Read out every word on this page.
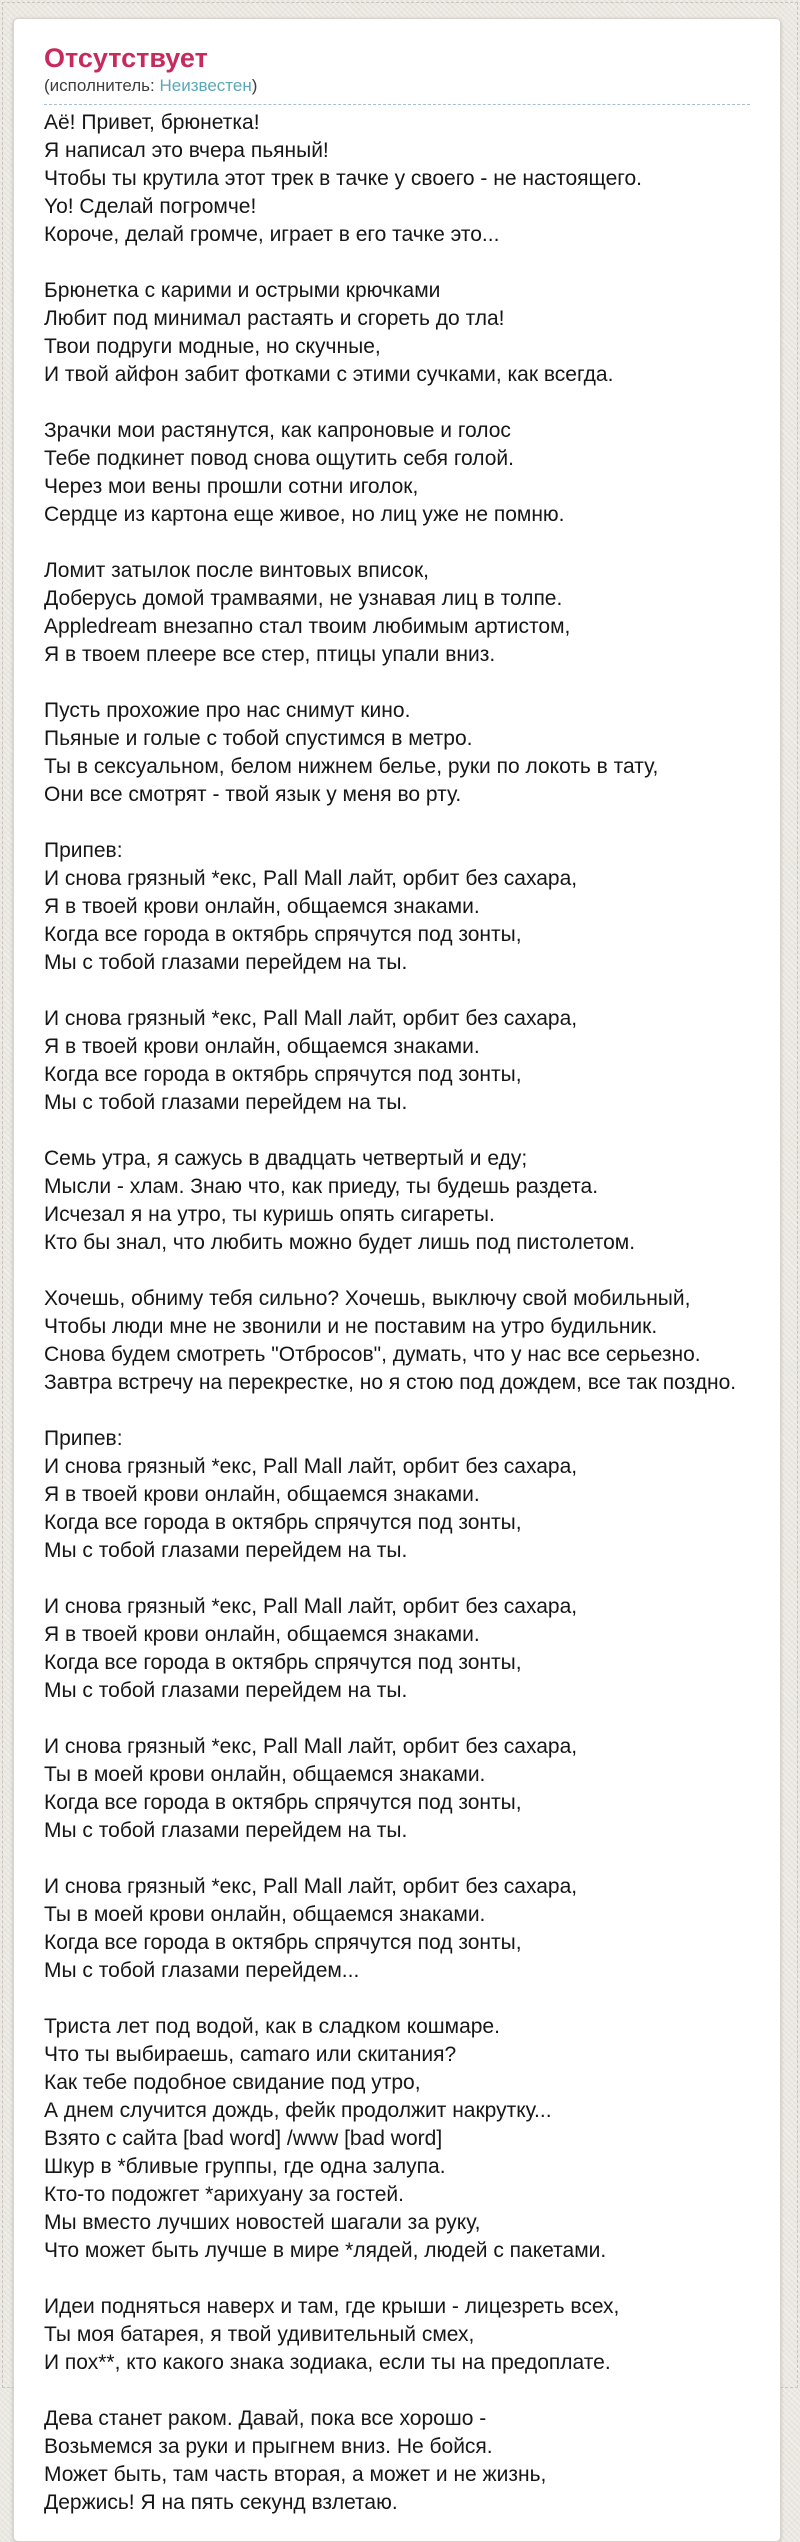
Отсутствует
(исполнитель: Неизвестен)

Аё! Привет, брюнетка!
Я написал это вчера пьяный!
Чтобы ты крутила этот трек в тачке у своего - не настоящего.
Yo! Сделай погромче!
Короче, делай громче, играет в его тачке это...

Брюнетка с карими и острыми крючками
Любит под минимал растаять и сгореть до тла!
Твои подруги модные, но скучные,
И твой айфон забит фотками с этими сучками, как всегда.

Зрачки мои растянутся, как капроновые и голос
Тебе подкинет повод снова ощутить себя голой.
Через мои вены прошли сотни иголок,
Сердце из картона еще живое, но лиц уже не помню.

Ломит затылок после винтовых вписок,
Доберусь домой трамваями, не узнавая лиц в толпе.
Appledream внезапно стал твоим любимым артистом,
Я в твоем плеере все стер, птицы упали вниз.

Пусть прохожие про нас снимут кино.
Пьяные и голые с тобой спустимся в метро.
Ты в сексуальном, белом нижнем белье, руки по локоть в тату,
Они все смотрят - твой язык у меня во рту.

Припев:
И снова грязный *екс, Pall Mall лайт, орбит без сахара,
Я в твоей крови онлайн, общаемся знаками.
Когда все города в октябрь спрячутся под зонты,
Мы с тобой глазами перейдем на ты.

И снова грязный *екс, Pall Mall лайт, орбит без сахара,
Я в твоей крови онлайн, общаемся знаками.
Когда все города в октябрь спрячутся под зонты,
Мы с тобой глазами перейдем на ты.

Семь утра, я сажусь в двадцать четвертый и еду;
Мысли - хлам. Знаю что, как приеду, ты будешь раздета.
Исчезал я на утро, ты куришь опять сигареты.
Кто бы знал, что любить можно будет лишь под пистолетом.

Хочешь, обниму тебя сильно? Хочешь, выключу свой мобильный,
Чтобы люди мне не звонили и не поставим на утро будильник.
Снова будем смотреть "Отбросов", думать, что у нас все серьезно.
Завтра встречу на перекрестке, но я стою под дождем, все так поздно.

Припев:
И снова грязный *екс, Pall Mall лайт, орбит без сахара,
Я в твоей крови онлайн, общаемся знаками.
Когда все города в октябрь спрячутся под зонты,
Мы с тобой глазами перейдем на ты.

И снова грязный *екс, Pall Mall лайт, орбит без сахара,
Я в твоей крови онлайн, общаемся знаками.
Когда все города в октябрь спрячутся под зонты,
Мы с тобой глазами перейдем на ты.

И снова грязный *екс, Pall Mall лайт, орбит без сахара,
Ты в моей крови онлайн, общаемся знаками.
Когда все города в октябрь спрячутся под зонты,
Мы с тобой глазами перейдем на ты.

И снова грязный *екс, Pall Mall лайт, орбит без сахара,
Ты в моей крови онлайн, общаемся знаками.
Когда все города в октябрь спрячутся под зонты,
Мы с тобой глазами перейдем...

Триста лет под водой, как в сладком кошмаре.
Что ты выбираешь, camaro или скитания?
Как тебе подобное свидание под утро,
А днем случится дождь, фейк продолжит накрутку...
Взято с сайта [bad word] /www [bad word]
Шкур в *бливые группы, где одна залупа.
Кто-то подожгет *арихуану за гостей.
Мы вместо лучших новостей шагали за руку,
Что может быть лучше в мире *лядей, людей с пакетами.

Идеи подняться наверх и там, где крыши - лицезреть всех,
Ты моя батарея, я твой удивительный смех,
И пох**, кто какого знака зодиака, если ты на предоплате.

Дева станет раком. Давай, пока все хорошо -
Возьмемся за руки и прыгнем вниз. Не бойся.
Может быть, там часть вторая, а может и не жизнь,
Держись! Я на пять секунд взлетаю.
